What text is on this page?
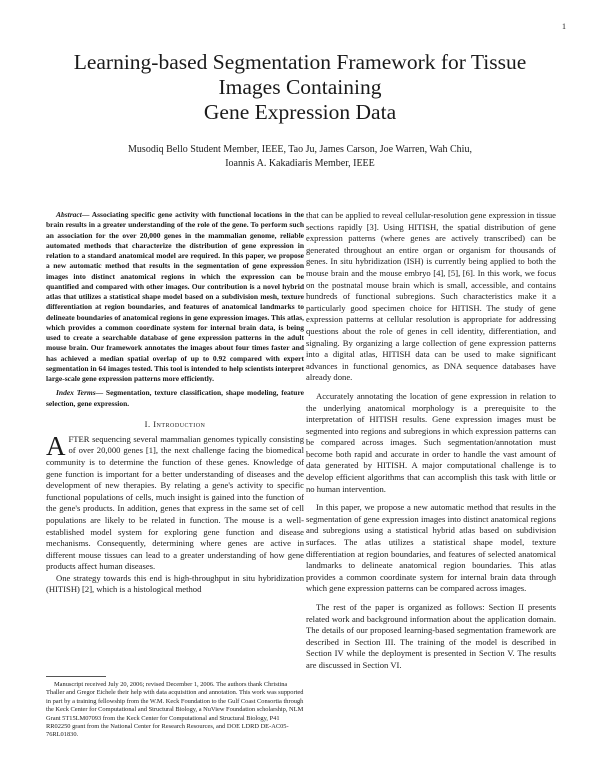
1
Learning-based Segmentation Framework for Tissue
Images Containing
Gene Expression Data
Musodiq Bello Student Member, IEEE, Tao Ju, James Carson, Joe Warren, Wah Chiu,
Ioannis A. Kakadiaris Member, IEEE

Abstract— Associating specific gene activity with functional locations in the brain results in a greater understanding of the role of the gene. To perform such an association for the over 20,000 genes in the mammalian genome, reliable automated methods that characterize the distribution of gene expression in relation to a standard anatomical model are required. In this paper, we propose a new automatic method that results in the segmentation of gene expression images into distinct anatomical regions in which the expression can be quantified and compared with other images. Our contribution is a novel hybrid atlas that utilizes a statistical shape model based on a subdivision mesh, texture differentiation at region boundaries, and features of anatomical landmarks to delineate boundaries of anatomical regions in gene expression images. This atlas, which provides a common coordinate system for internal brain data, is being used to create a searchable database of gene expression patterns in the adult mouse brain. Our framework annotates the images about four times faster and has achieved a median spatial overlap of up to 0.92 compared with expert segmentation in 64 images tested. This tool is intended to help scientists interpret large-scale gene expression patterns more efficiently.

Index Terms— Segmentation, texture classification, shape modeling, feature selection, gene expression.

I. Introduction

AFTER sequencing several mammalian genomes typically consisting of over 20,000 genes [1], the next challenge facing the biomedical community is to determine the function of these genes. Knowledge of gene function is important for a better understanding of diseases and the development of new therapies. By relating a gene's activity to specific functional populations of cells, much insight is gained into the function of the gene's products. In addition, genes that express in the same set of cell populations are likely to be related in function. The mouse is a well-established model system for exploring gene function and disease mechanisms. Consequently, determining where genes are active in different mouse tissues can lead to a greater understanding of how gene products affect human diseases.

One strategy towards this end is high-throughput in situ hybridization (HITISH) [2], which is a histological method

Manuscript received July 20, 2006; revised December 1, 2006. The authors thank Christina Thaller and Gregor Eichele their help with data acquisition and annotation. This work was supported in part by a training fellowship from the W.M. Keck Foundation to the Gulf Coast Consortia through the Keck Center for Computational and Structural Biology, a NuView Foundation scholarship, NLM Grant 5T15LM07093 from the Keck Center for Computational and Structural Biology, P41 RR02250 grant from the National Center for Research Resources, and DOE LDRD DE-AC05-76RL01830.

that can be applied to reveal cellular-resolution gene expression in tissue sections rapidly [3]. Using HITISH, the spatial distribution of gene expression patterns (where genes are actively transcribed) can be generated throughout an entire organ or organism for thousands of genes. In situ hybridization (ISH) is currently being applied to both the mouse brain and the mouse embryo [4], [5], [6]. In this work, we focus on the postnatal mouse brain which is small, accessible, and contains hundreds of functional subregions. Such characteristics make it a particularly good specimen choice for HITISH. The study of gene expression patterns at cellular resolution is appropriate for addressing questions about the role of genes in cell identity, differentiation, and signaling. By organizing a large collection of gene expression patterns into a digital atlas, HITISH data can be used to make significant advances in functional genomics, as DNA sequence databases have already done.

Accurately annotating the location of gene expression in relation to the underlying anatomical morphology is a prerequisite to the interpretation of HITISH results. Gene expression images must be segmented into regions and subregions in which expression patterns can be compared across images. Such segmentation/annotation must become both rapid and accurate in order to handle the vast amount of data generated by HITISH. A major computational challenge is to develop efficient algorithms that can accomplish this task with little or no human intervention.

In this paper, we propose a new automatic method that results in the segmentation of gene expression images into distinct anatomical regions and subregions using a statistical hybrid atlas based on subdivision surfaces. The atlas utilizes a statistical shape model, texture differentiation at region boundaries, and features of selected anatomical landmarks to delineate anatomical region boundaries. This atlas provides a common coordinate system for internal brain data through which gene expression patterns can be compared across images.

The rest of the paper is organized as follows: Section II presents related work and background information about the application domain. The details of our proposed learning-based segmentation framework are described in Section III. The training of the model is described in Section IV while the deployment is presented in Section V. The results are discussed in Section VI.
